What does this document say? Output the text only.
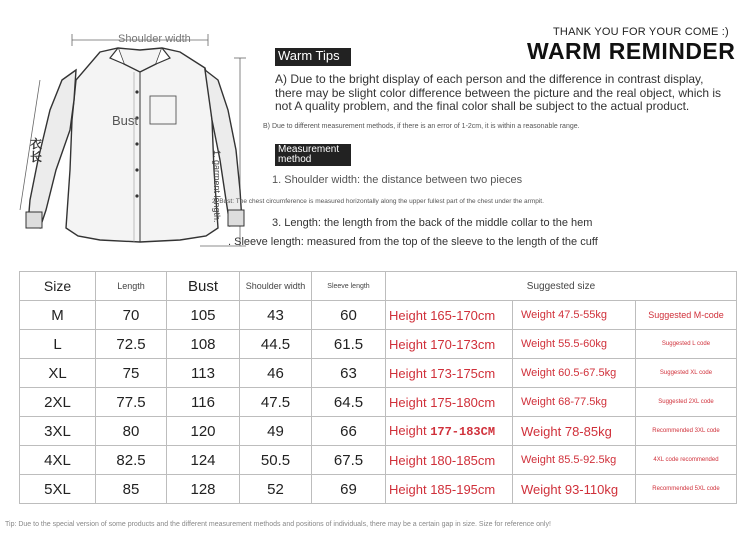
Shoulder width
Bust
衣长	1. garment length.
THANK YOU FOR YOUR COME :)
WARM REMINDER
Warm Tips
A) Due to the bright display of each person and the difference in contrast display, there may be slight color difference between the picture and the real object, which is not A quality problem, and the final color shall be subject to the actual product.
B) Due to different measurement methods, if there is an error of 1-2cm, it is within a reasonable range.
Measurement method
1. Shoulder width: the distance between two pieces
2. Bust: The chest circumference is measured horizontally along the upper fullest part of the chest under the armpit.
3. Length: the length from the back of the middle collar to the hem
. Sleeve length: measured from the top of the sleeve to the length of the cuff
Size	Length	Bust	Shoulder width	Sleeve length	Suggested size		
M	70	105	43	60	Height 165-170cm	Weight 47.5-55kg	Suggested M-code
L	72.5	108	44.5	61.5	Height 170-173cm	Weight 55.5-60kg	Suggested L code
XL	75	113	46	63	Height 173-175cm	Weight 60.5-67.5kg	Suggested XL code
2XL	77.5	116	47.5	64.5	Height 175-180cm	Weight 68-77.5kg	Suggested 2XL code
3XL	80	120	49	66	Height 177-183CM	Weight 78-85kg	Recommended 3XL code
4XL	82.5	124	50.5	67.5	Height 180-185cm	Weight 85.5-92.5kg	4XL code recommended
5XL	85	128	52	69	Height 185-195cm	Weight 93-110kg	Recommended 5XL code
Tip: Due to the special version of some products and the different measurement methods and positions of individuals, there may be a certain gap in size. Size for reference only!
